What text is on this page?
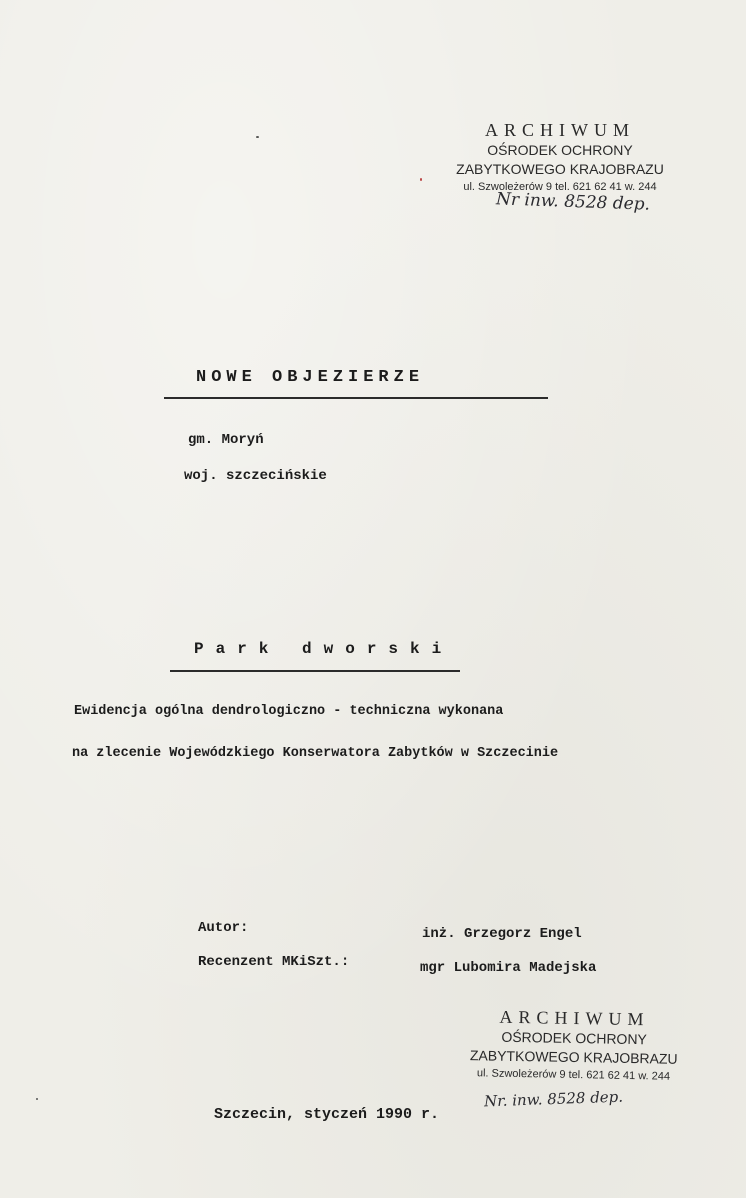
ARCHIWUM
OŚRODEK OCHRONY
ZABYTKOWEGO KRAJOBRAZU
ul. Szwoleżerów 9 tel. 621 62 41 w. 244
Nr inw. 8528 dep.
NOWE OBJEZIERZE
gm. Moryń
woj. szczecińskie
Park dworski
Ewidencja ogólna dendrologiczno - techniczna wykonana
na zlecenie Wojewódzkiego Konserwatora Zabytków w Szczecinie
Autor:	inż. Grzegorz Engel
Recenzent MKiSzt.:	mgr Lubomira Madejska
ARCHIWUM
OŚRODEK OCHRONY
ZABYTKOWEGO KRAJOBRAZU
ul. Szwoleżerów 9 tel. 621 62 41 w. 244
Nr. inw. 8528 dep.
Szczecin, styczeń 1990 r.
